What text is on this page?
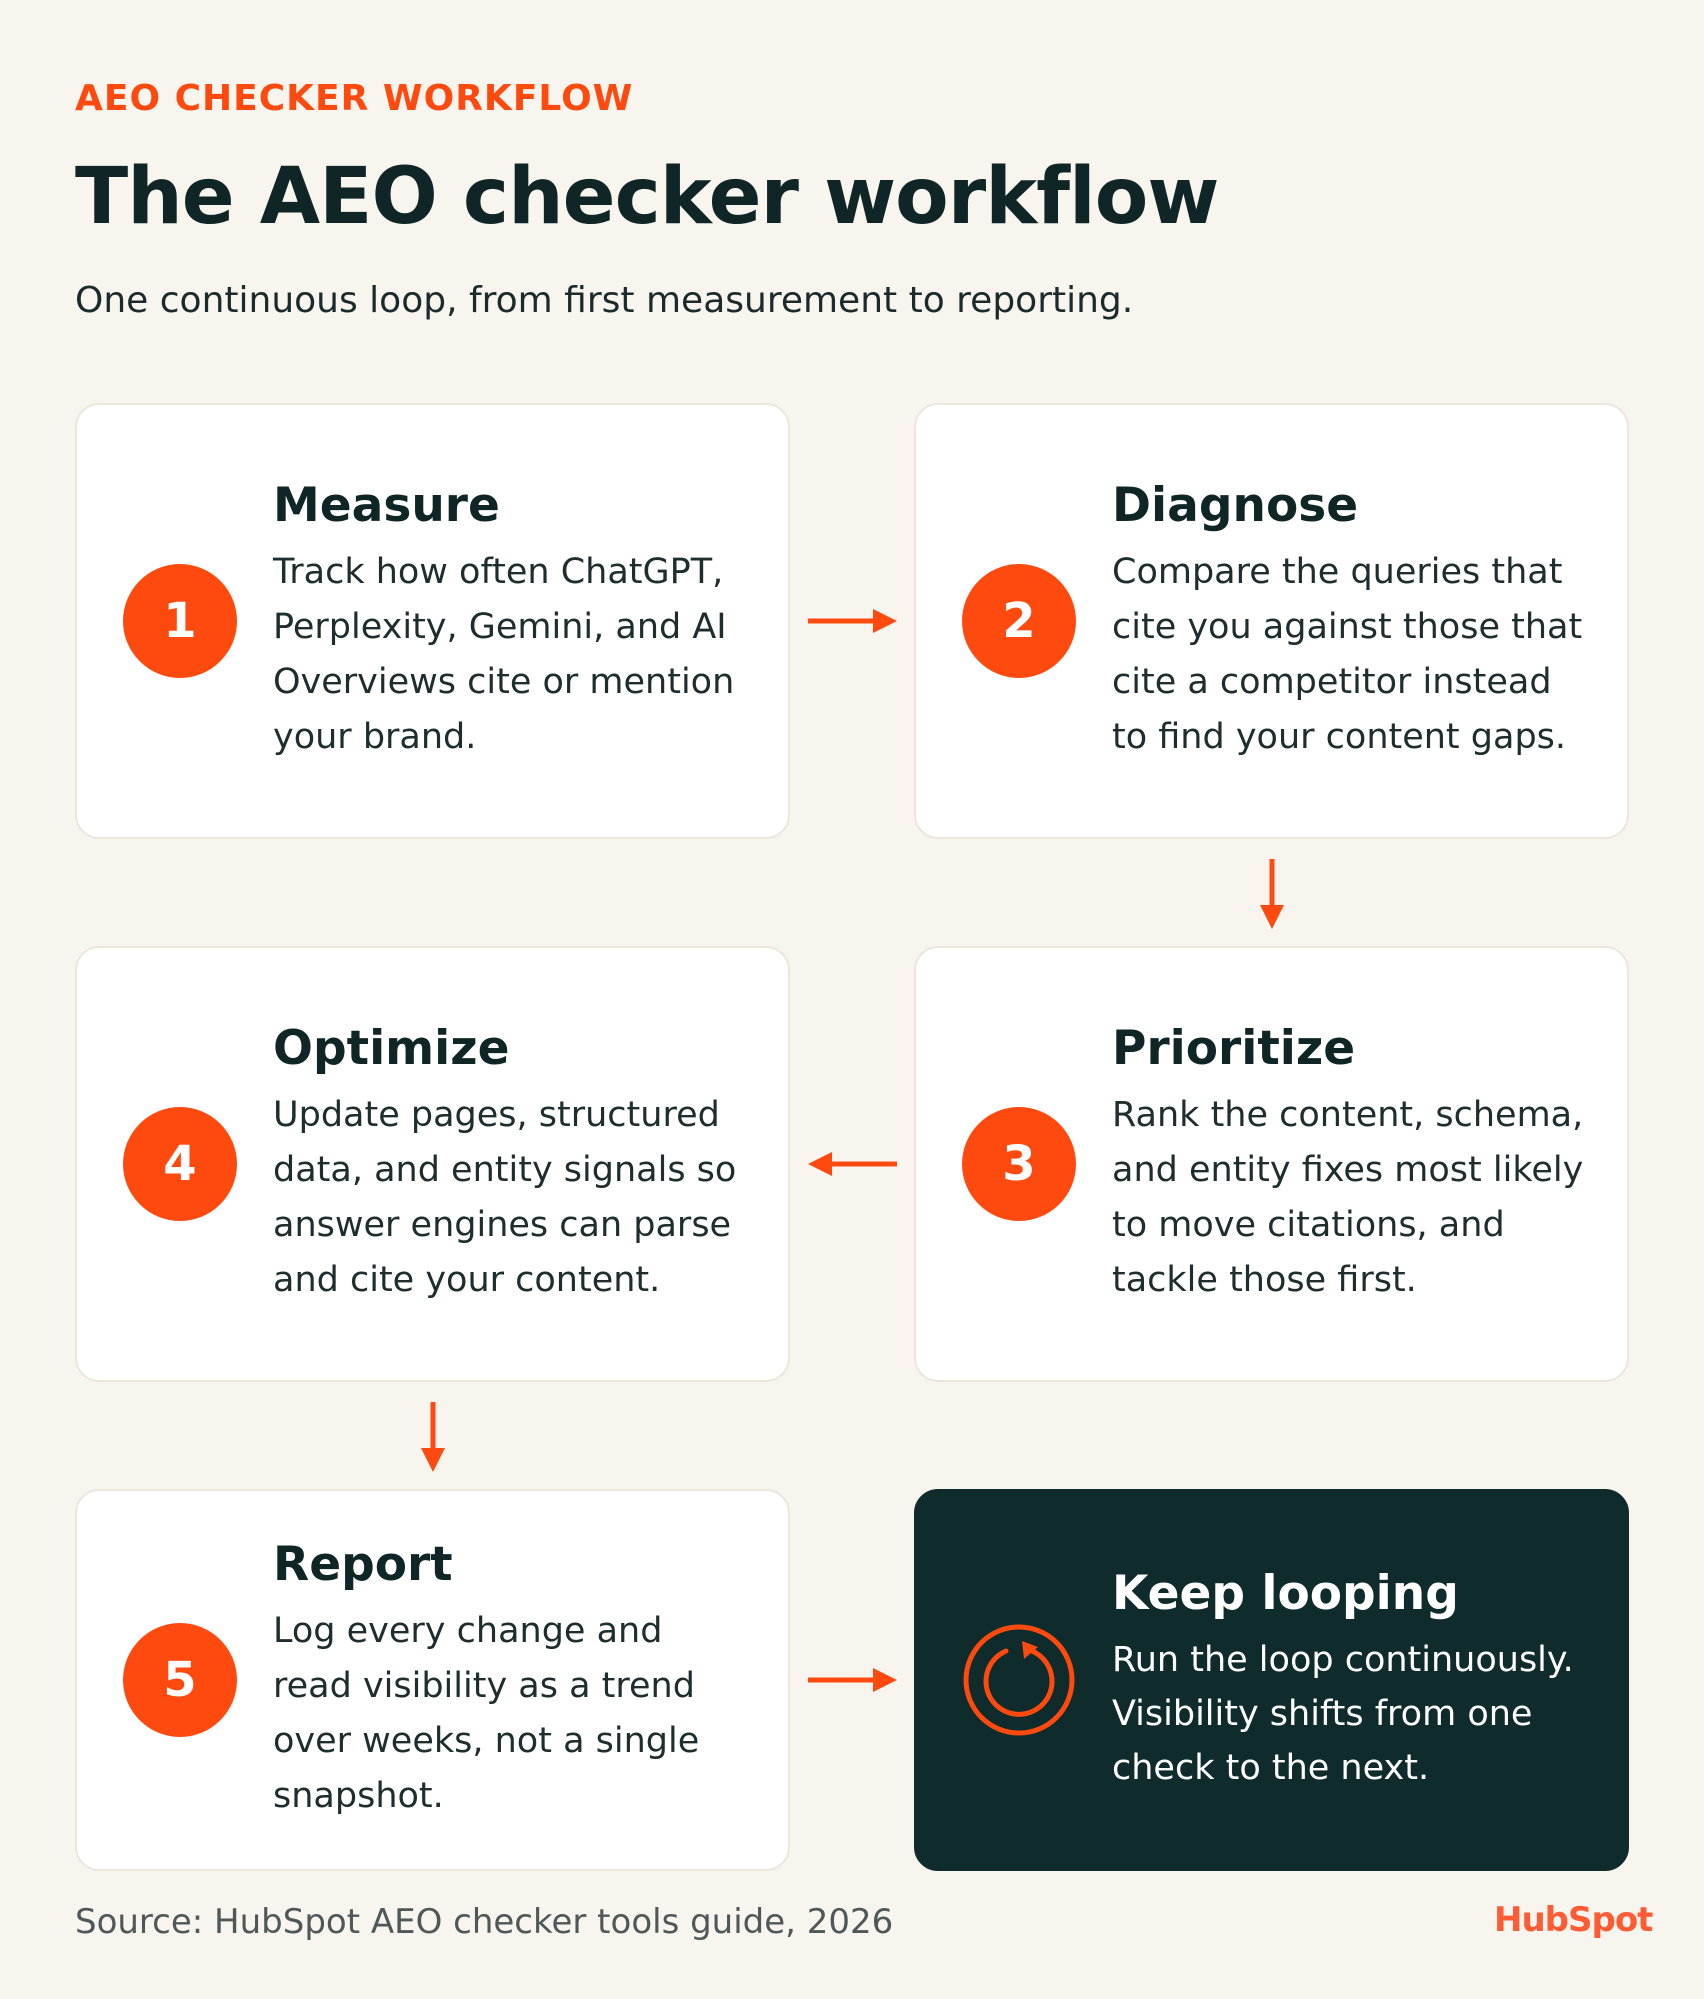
AEO CHECKER WORKFLOW
The AEO checker workflow
One continuous loop, from first measurement to reporting.
1
Measure
Track how often ChatGPT, Perplexity, Gemini, and AI Overviews cite or mention your brand.
2
Diagnose
Compare the queries that cite you against those that cite a competitor instead to find your content gaps.
4
Optimize
Update pages, structured data, and entity signals so answer engines can parse and cite your content.
3
Prioritize
Rank the content, schema, and entity fixes most likely to move citations, and tackle those first.
5
Report
Log every change and read visibility as a trend over weeks, not a single snapshot.
Keep looping
Run the loop continuously. Visibility shifts from one check to the next.
Source: HubSpot AEO checker tools guide, 2026	HubSpot
